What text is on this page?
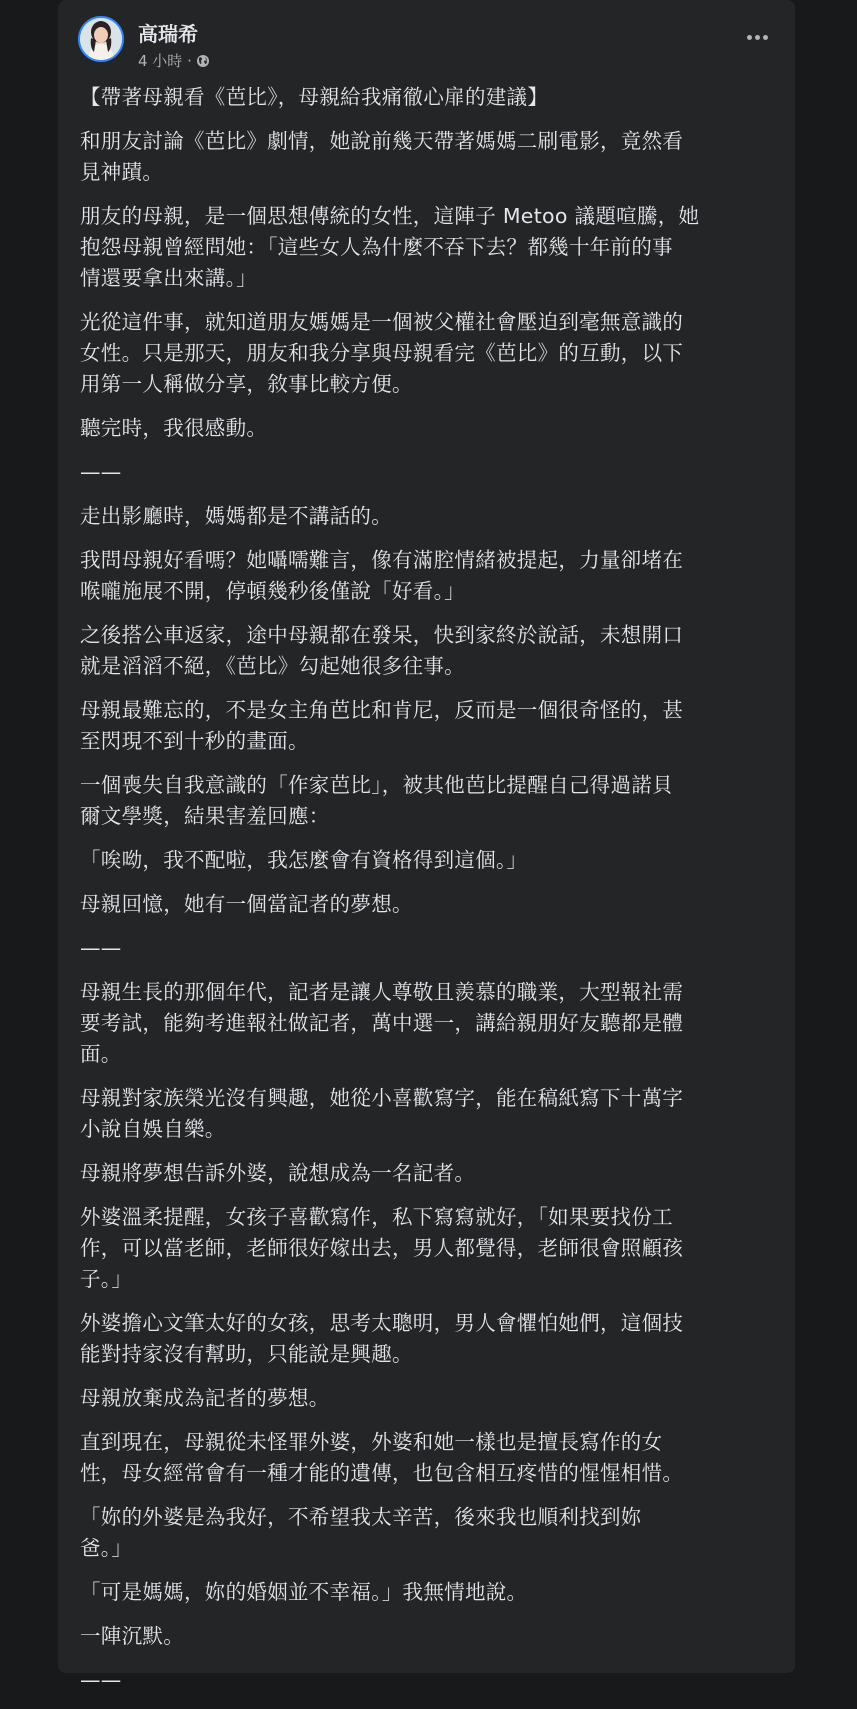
高瑞希
4 小時 ·

【帶著母親看《芭比》，母親給我痛徹心扉的建議】

和朋友討論《芭比》劇情，她說前幾天帶著媽媽二刷電影，竟然看
見神蹟。

朋友的母親，是一個思想傳統的女性，這陣子 Metoo 議題喧騰，她
抱怨母親曾經問她：「這些女人為什麼不吞下去？都幾十年前的事
情還要拿出來講。」

光從這件事，就知道朋友媽媽是一個被父權社會壓迫到毫無意識的
女性。只是那天，朋友和我分享與母親看完《芭比》的互動，以下
用第一人稱做分享，敘事比較方便。

聽完時，我很感動。

——

走出影廳時，媽媽都是不講話的。

我問母親好看嗎？她囁嚅難言，像有滿腔情緒被提起，力量卻堵在
喉嚨施展不開，停頓幾秒後僅說「好看。」

之後搭公車返家，途中母親都在發呆，快到家終於說話，未想開口
就是滔滔不絕，《芭比》勾起她很多往事。

母親最難忘的，不是女主角芭比和肯尼，反而是一個很奇怪的，甚
至閃現不到十秒的畫面。

一個喪失自我意識的「作家芭比」，被其他芭比提醒自己得過諾貝
爾文學獎，結果害羞回應：

「唉呦，我不配啦，我怎麼會有資格得到這個。」

母親回憶，她有一個當記者的夢想。

——

母親生長的那個年代，記者是讓人尊敬且羨慕的職業，大型報社需
要考試，能夠考進報社做記者，萬中選一，講給親朋好友聽都是體
面。

母親對家族榮光沒有興趣，她從小喜歡寫字，能在稿紙寫下十萬字
小說自娛自樂。

母親將夢想告訴外婆，說想成為一名記者。

外婆溫柔提醒，女孩子喜歡寫作，私下寫寫就好，「如果要找份工
作，可以當老師，老師很好嫁出去，男人都覺得，老師很會照顧孩
子。」

外婆擔心文筆太好的女孩，思考太聰明，男人會懼怕她們，這個技
能對持家沒有幫助，只能說是興趣。

母親放棄成為記者的夢想。

直到現在，母親從未怪罪外婆，外婆和她一樣也是擅長寫作的女
性，母女經常會有一種才能的遺傳，也包含相互疼惜的惺惺相惜。

「妳的外婆是為我好，不希望我太辛苦，後來我也順利找到妳
爸。」

「可是媽媽，妳的婚姻並不幸福。」我無情地說。

一陣沉默。

——
